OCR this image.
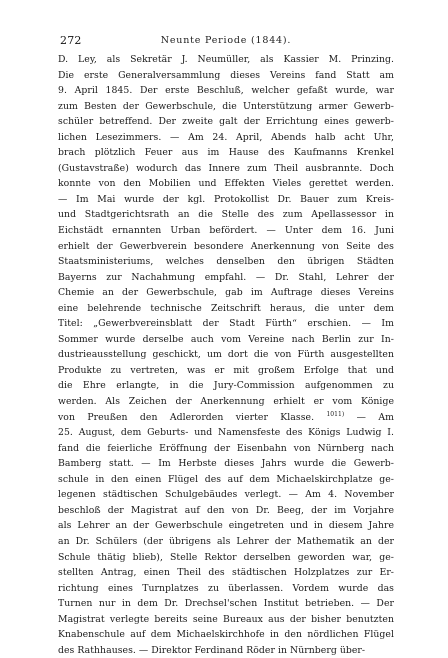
272	Neunte Periode (1844).
D. Ley, als Sekretär J. Neumüller, als Kassier M. Prinzing.
Die erste Generalversammlung dieses Vereins fand Statt am
9. April 1845. Der erste Beschluß, welcher gefaßt wurde, war
zum Besten der Gewerbschule, die Unterstützung armer Gewerb-
schüler betreffend. Der zweite galt der Errichtung eines gewerb-
lichen Lesezimmers. — Am 24. April, Abends halb acht Uhr,
brach plötzlich Feuer aus im Hause des Kaufmanns Krenkel
(Gustavstraße) wodurch das Innere zum Theil ausbrannte. Doch
konnte von den Mobilien und Effekten Vieles gerettet werden.
— Im Mai wurde der kgl. Protokollist Dr. Bauer zum Kreis-
und Stadtgerichtsrath an die Stelle des zum Apellassessor in
Eichstädt ernannten Urban befördert. — Unter dem 16. Juni
erhielt der Gewerbverein besondere Anerkennung von Seite des
Staatsministeriums, welches denselben den übrigen Städten
Bayerns zur Nachahmung empfahl. — Dr. Stahl, Lehrer der
Chemie an der Gewerbschule, gab im Auftrage dieses Vereins
eine belehrende technische Zeitschrift heraus, die unter dem
Titel: „Gewerbvereinsblatt der Stadt Fürth“ erschien. — Im
Sommer wurde derselbe auch vom Vereine nach Berlin zur In-
dustrieausstellung geschickt, um dort die von Fürth ausgestellten
Produkte zu vertreten, was er mit großem Erfolge that und
die Ehre erlangte, in die Jury-Commission aufgenommen zu
werden. Als Zeichen der Anerkennung erhielt er vom Könige
von Preußen den Adlerorden vierter Klasse. $^{1011)}$ — Am
25. August, dem Geburts- und Namensfeste des Königs Ludwig I.
fand die feierliche Eröffnung der Eisenbahn von Nürnberg nach
Bamberg statt. — Im Herbste dieses Jahrs wurde die Gewerb-
schule in den einen Flügel des auf dem Michaelskirchplatze ge-
legenen städtischen Schulgebäudes verlegt. — Am 4. November
beschloß der Magistrat auf den von Dr. Beeg, der im Vorjahre
als Lehrer an der Gewerbschule eingetreten und in diesem Jahre
an Dr. Schülers (der übrigens als Lehrer der Mathematik an der
Schule thätig blieb), Stelle Rektor derselben geworden war, ge-
stellten Antrag, einen Theil des städtischen Holzplatzes zur Er-
richtung eines Turnplatzes zu überlassen. Vordem wurde das
Turnen nur in dem Dr. Drechsel'schen Institut betrieben. — Der
Magistrat verlegte bereits seine Bureaux aus der bisher benutzten
Knabenschule auf dem Michaelskirchhofe in den nördlichen Flügel
des Rathhauses. — Direktor Ferdinand Röder in Nürnberg über-
